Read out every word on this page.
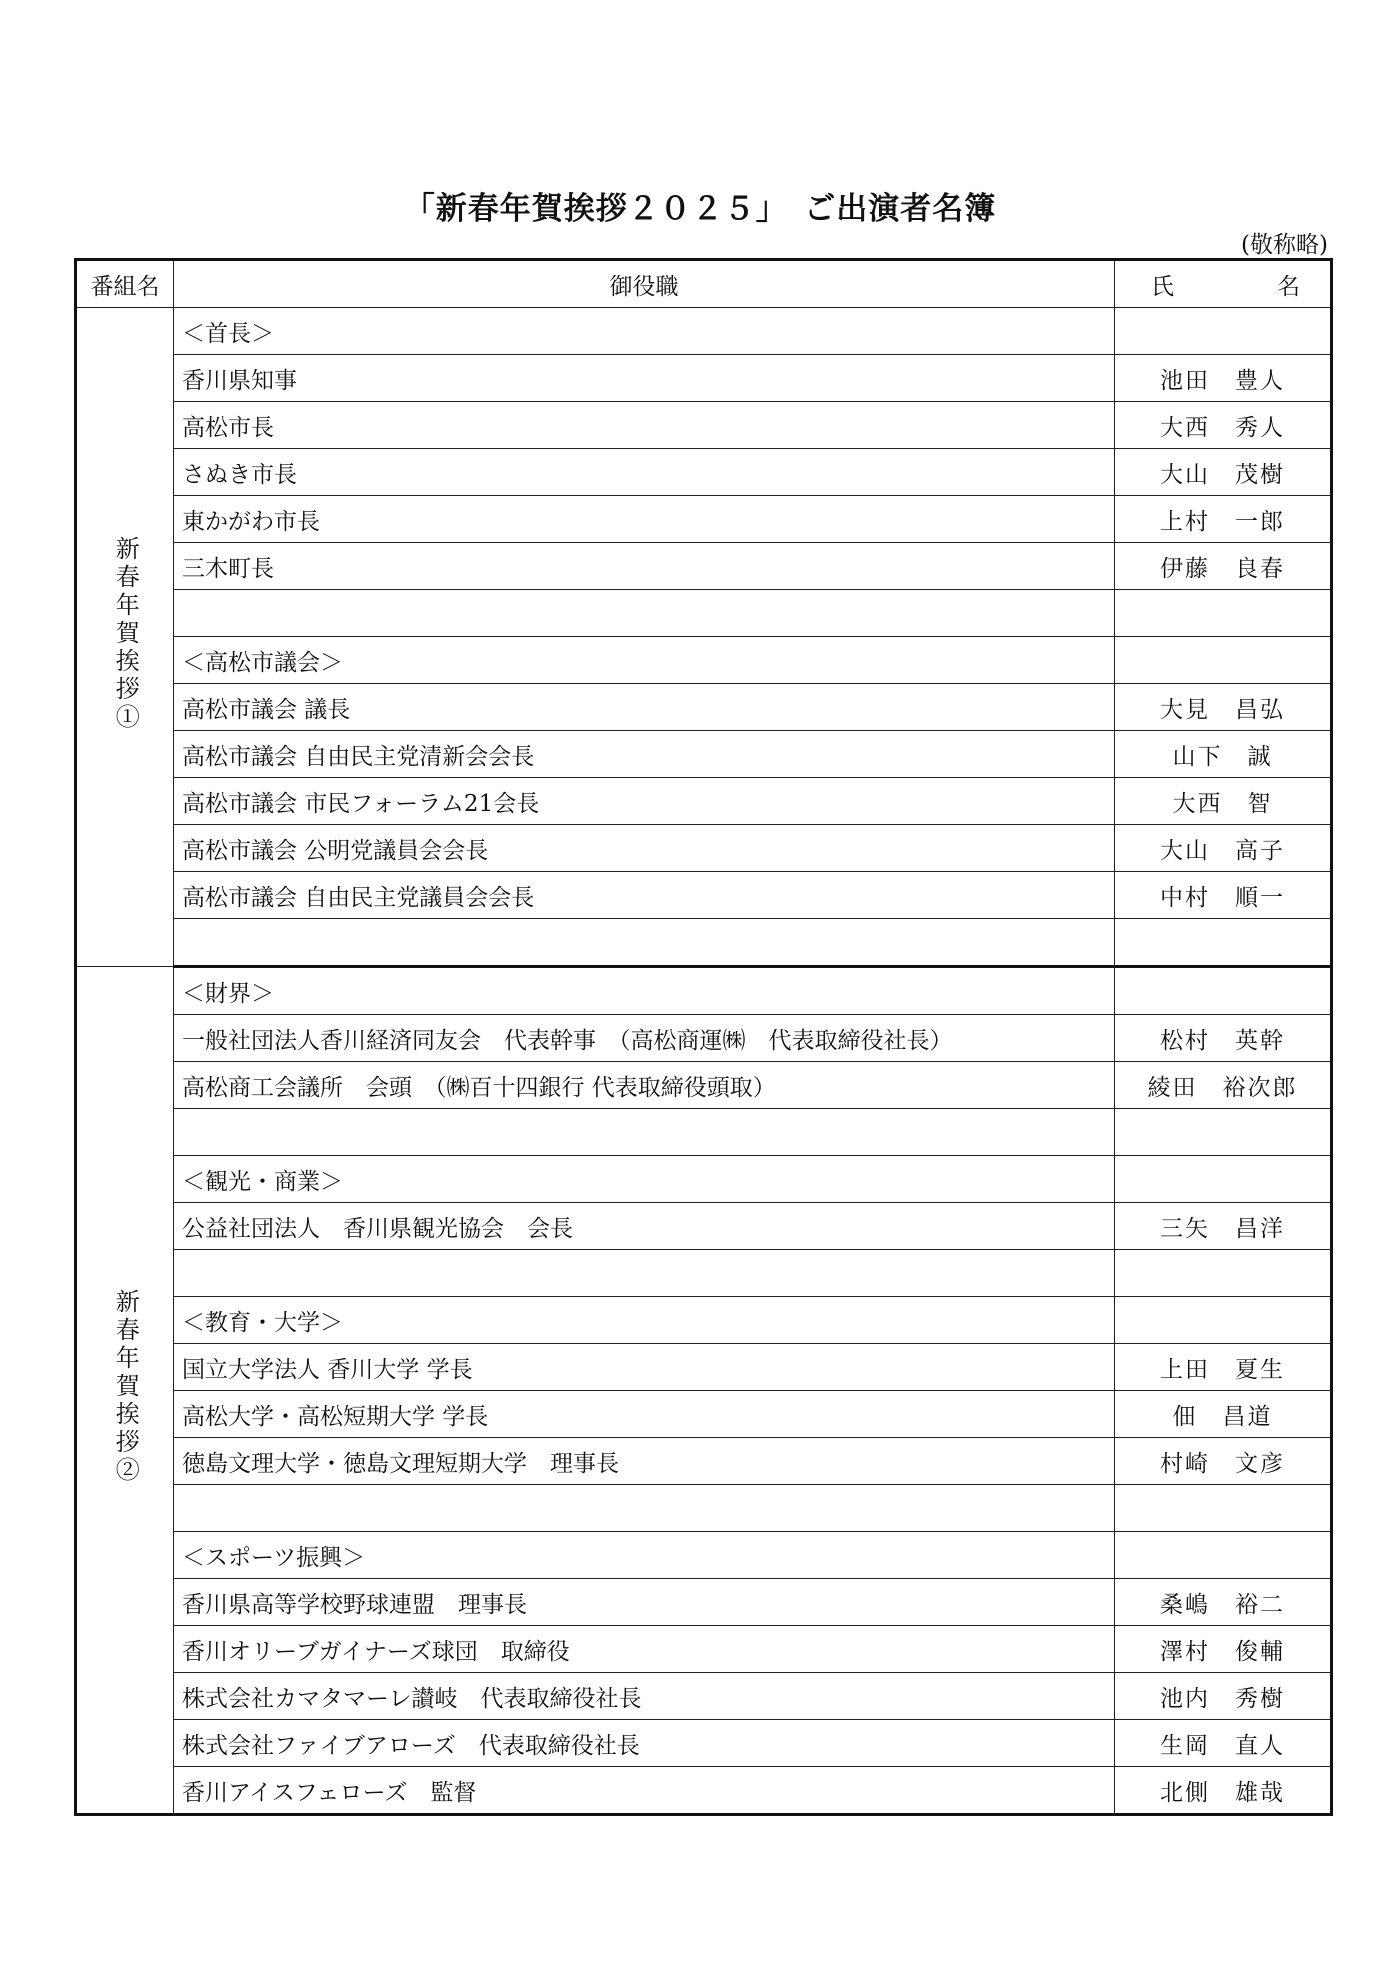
「新春年賀挨拶２０２５」　ご出演者名簿
(敬称略)
番組名	御役職	氏 名

新春年賀挨拶①	＜首長＞	
	香川県知事	池田　豊人
	高松市長	大西　秀人
	さぬき市長	大山　茂樹
	東かがわ市長	上村　一郎
	三木町長	伊藤　良春

	＜高松市議会＞	
	高松市議会 議長	大見　昌弘
	高松市議会 自由民主党清新会会長	山下　誠
	高松市議会 市民フォーラム21会長	大西　智
	高松市議会 公明党議員会会長	大山　高子
	高松市議会 自由民主党議員会会長	中村　順一

新春年賀挨拶②	＜財界＞	
	一般社団法人香川経済同友会　代表幹事　（高松商運㈱　代表取締役社長）	松村　英幹
	高松商工会議所　会頭　（㈱百十四銀行 代表取締役頭取）	綾田　裕次郎

	＜観光・商業＞	
	公益社団法人　香川県観光協会　会長	三矢　昌洋

	＜教育・大学＞	
	国立大学法人 香川大学 学長	上田　夏生
	高松大学・高松短期大学 学長	佃　昌道
	徳島文理大学・徳島文理短期大学　理事長	村崎　文彦

	＜スポーツ振興＞	
	香川県高等学校野球連盟　理事長	桑嶋　裕二
	香川オリーブガイナーズ球団　取締役	澤村　俊輔
	株式会社カマタマーレ讃岐　代表取締役社長	池内　秀樹
	株式会社ファイブアローズ　代表取締役社長	生岡　直人
	香川アイスフェローズ　監督	北側　雄哉
